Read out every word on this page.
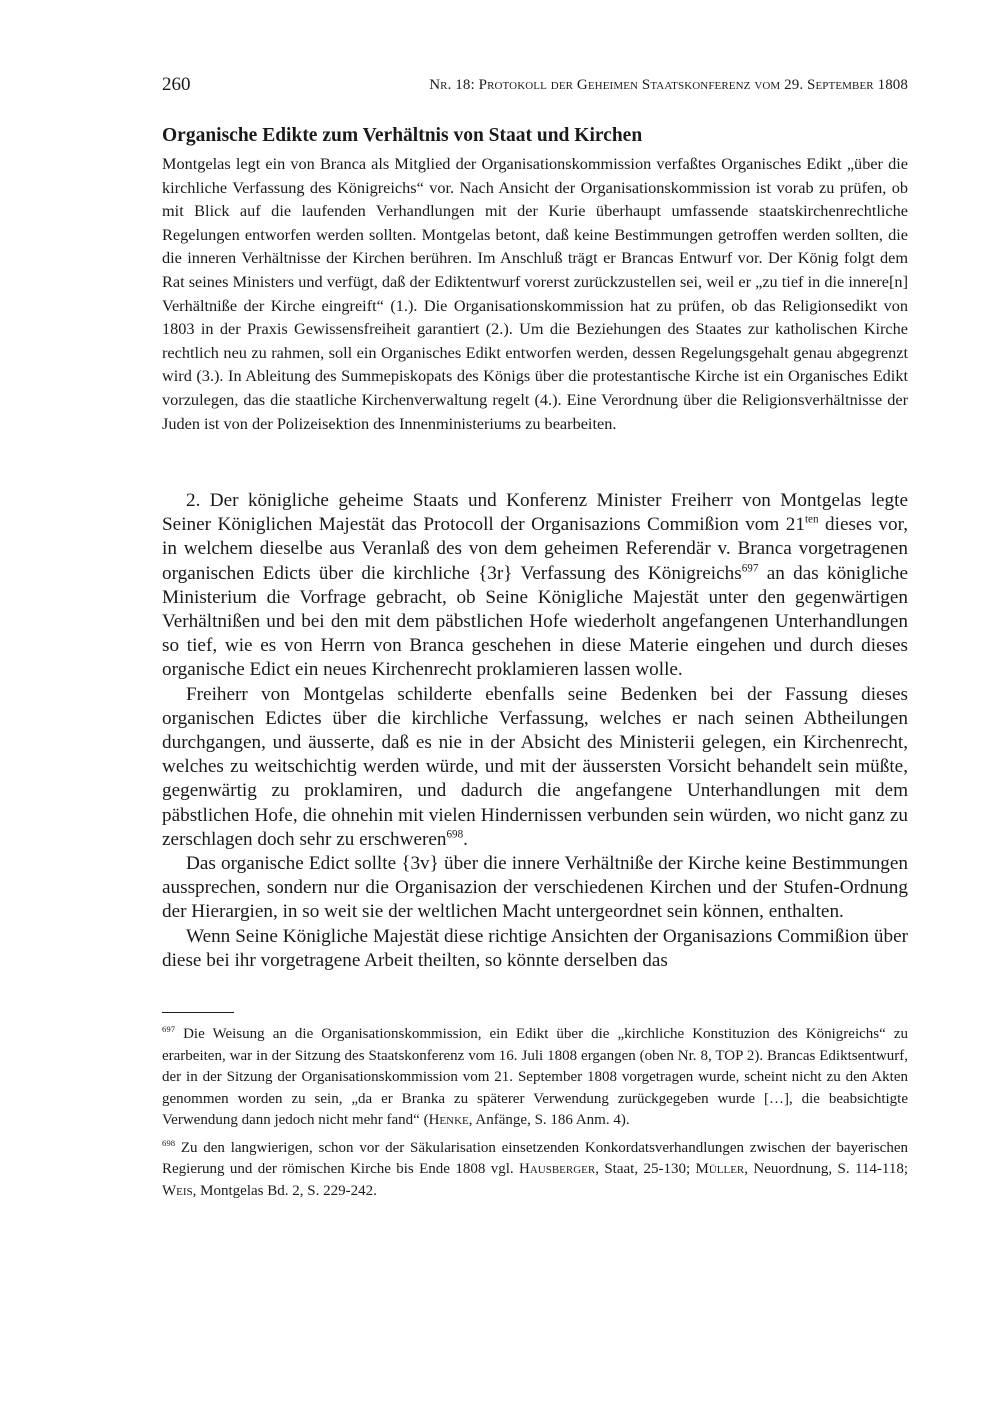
260	Nr. 18: Protokoll der Geheimen Staatskonferenz vom 29. September 1808
Organische Edikte zum Verhältnis von Staat und Kirchen

Montgelas legt ein von Branca als Mitglied der Organisationskommission verfaßtes Organisches Edikt „über die kirchliche Verfassung des Königreichs“ vor. Nach Ansicht der Organisationskommission ist vorab zu prüfen, ob mit Blick auf die laufenden Verhandlungen mit der Kurie überhaupt umfassende staatskirchenrechtliche Regelungen entworfen werden sollten. Montgelas betont, daß keine Bestimmungen getroffen werden sollten, die die inneren Verhältnisse der Kirchen berühren. Im Anschluß trägt er Brancas Entwurf vor. Der König folgt dem Rat seines Ministers und verfügt, daß der Ediktentwurf vorerst zurückzustellen sei, weil er „zu tief in die innere[n] Verhältniße der Kirche eingreift“ (1.). Die Organisationskommission hat zu prüfen, ob das Religionsedikt von 1803 in der Praxis Gewissensfreiheit garantiert (2.). Um die Beziehungen des Staates zur katholischen Kirche rechtlich neu zu rahmen, soll ein Organisches Edikt entworfen werden, dessen Regelungsgehalt genau abgegrenzt wird (3.). In Ableitung des Summepiskopats des Königs über die protestantische Kirche ist ein Organisches Edikt vorzulegen, das die staatliche Kirchenverwaltung regelt (4.). Eine Verordnung über die Religionsverhältnisse der Juden ist von der Polizeisektion des Innenministeriums zu bearbeiten.

2. Der königliche geheime Staats und Konferenz Minister Freiherr von Montgelas legte Seiner Königlichen Majestät das Protocoll der Organisazions Commißion vom $21^{ten}$ dieses vor, in welchem dieselbe aus Veranlaß des von dem geheimen Referendär v. Branca vorgetragenen organischen Edicts über die kirchliche {3r} Verfassung des Königreichs$^{697}$ an das königliche Ministerium die Vorfrage gebracht, ob Seine Königliche Majestät unter den gegenwärtigen Verhältnißen und bei den mit dem päbstlichen Hofe wiederholt angefangenen Unterhandlungen so tief, wie es von Herrn von Branca geschehen in diese Materie eingehen und durch dieses organische Edict ein neues Kirchenrecht proklamieren lassen wolle.

Freiherr von Montgelas schilderte ebenfalls seine Bedenken bei der Fassung dieses organischen Edictes über die kirchliche Verfassung, welches er nach seinen Abtheilungen durchgangen, und äusserte, daß es nie in der Absicht des Ministerii gelegen, ein Kirchenrecht, welches zu weitschichtig werden würde, und mit der äussersten Vorsicht behandelt sein müßte, gegenwärtig zu proklamiren, und dadurch die angefangene Unterhandlungen mit dem päbstlichen Hofe, die ohnehin mit vielen Hindernissen verbunden sein würden, wo nicht ganz zu zerschlagen doch sehr zu erschweren$^{698}$.

Das organische Edict sollte {3v} über die innere Verhältniße der Kirche keine Bestimmungen aussprechen, sondern nur die Organisazion der verschiedenen Kirchen und der Stufen-Ordnung der Hierargien, in so weit sie der weltlichen Macht untergeordnet sein können, enthalten.

Wenn Seine Königliche Majestät diese richtige Ansichten der Organisazions Commißion über diese bei ihr vorgetragene Arbeit theilten, so könnte derselben das

$^{697}$ Die Weisung an die Organisationskommission, ein Edikt über die „kirchliche Konstituzion des Königreichs“ zu erarbeiten, war in der Sitzung des Staatskonferenz vom 16. Juli 1808 ergangen (oben Nr. 8, TOP 2). Brancas Ediktsentwurf, der in der Sitzung der Organisationskommission vom 21. September 1808 vorgetragen wurde, scheint nicht zu den Akten genommen worden zu sein, „da er Branka zu späterer Verwendung zurückgegeben wurde […], die beabsichtigte Verwendung dann jedoch nicht mehr fand“ (Henke, Anfänge, S. 186 Anm. 4).

$^{698}$ Zu den langwierigen, schon vor der Säkularisation einsetzenden Konkordatsverhandlungen zwischen der bayerischen Regierung und der römischen Kirche bis Ende 1808 vgl. Hausberger, Staat, 25-130; Müller, Neuordnung, S. 114-118; Weis, Montgelas Bd. 2, S. 229-242.
